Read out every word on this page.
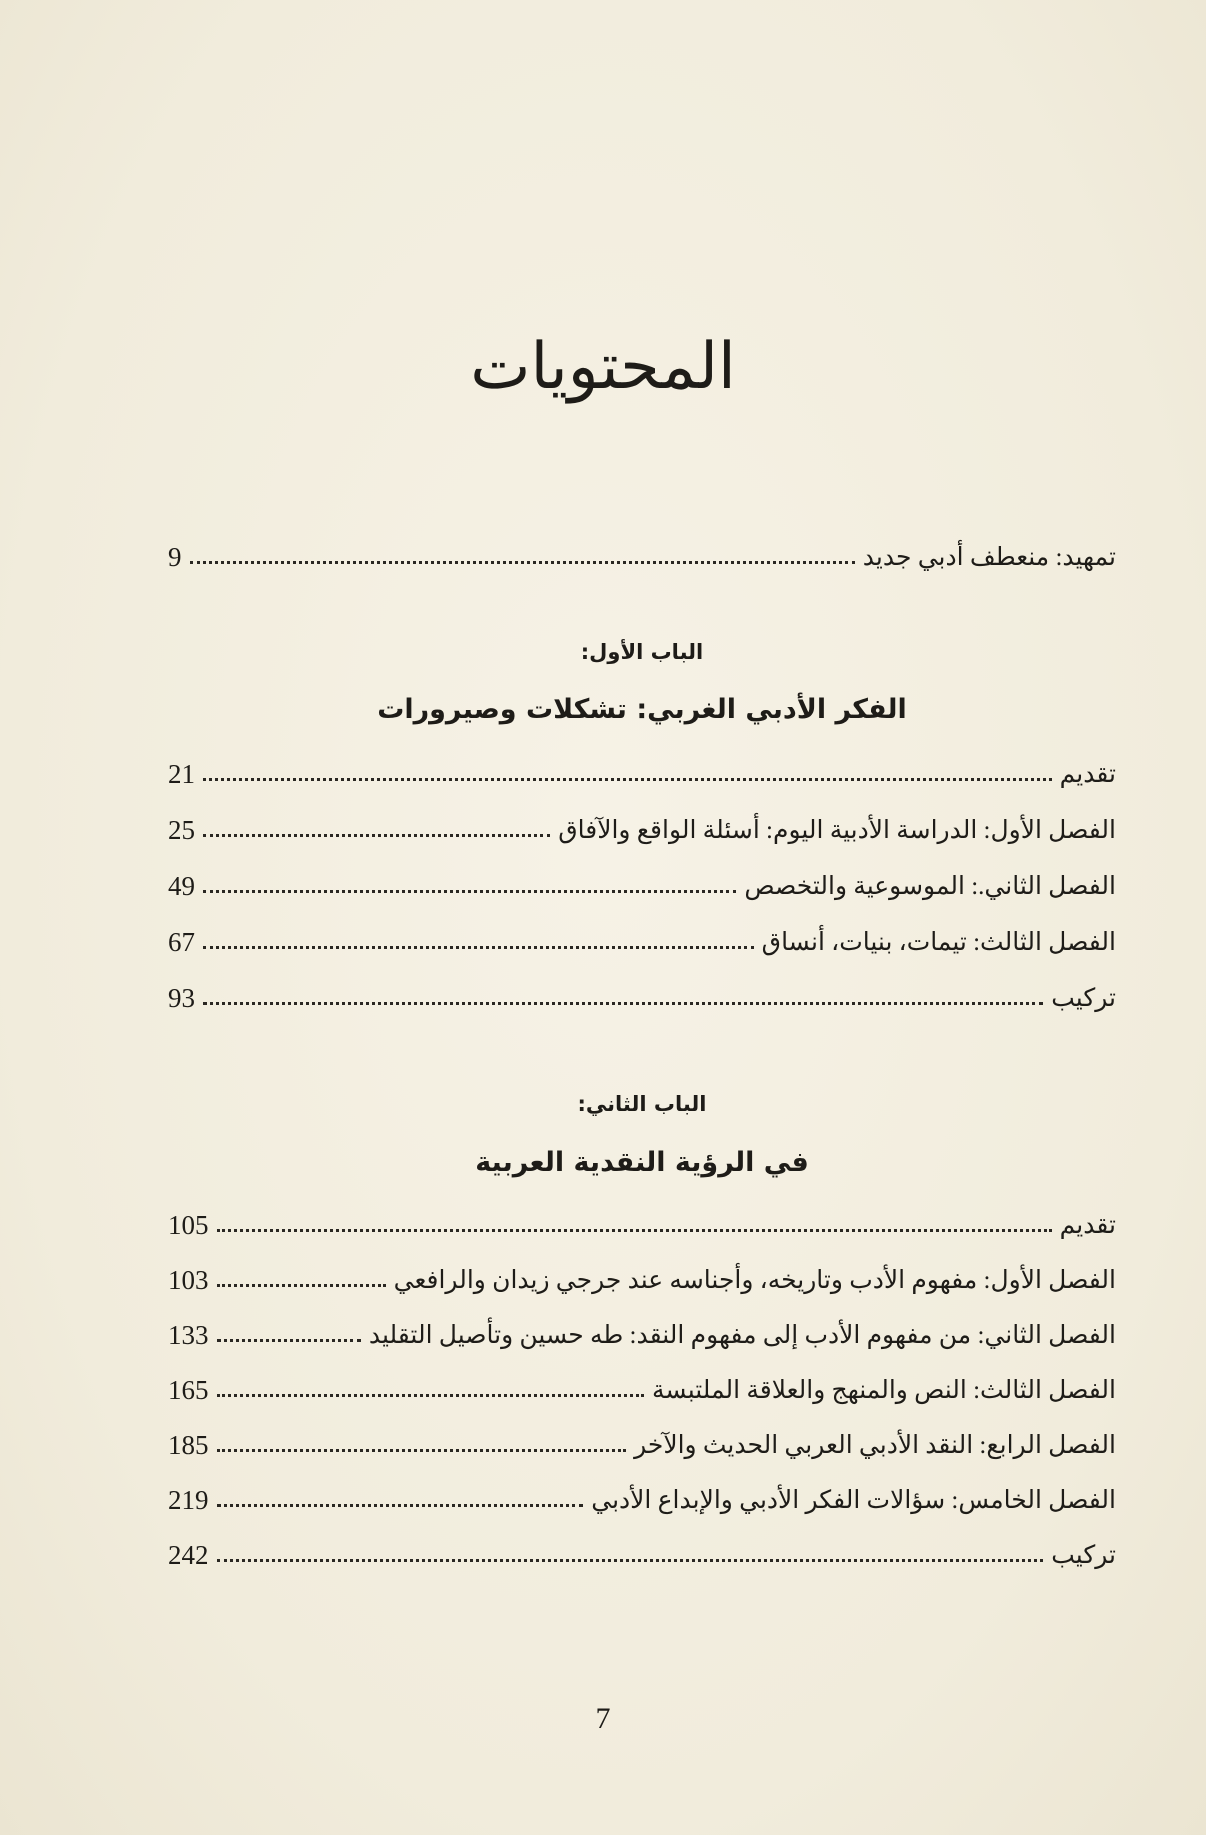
المحتويات
تمهيد: منعطف أدبي جديد
9
الباب الأول:
الفكر الأدبي الغربي: تشكلات وصيرورات
تقديم
21
الفصل الأول: الدراسة الأدبية اليوم: أسئلة الواقع والآفاق
25
الفصل الثاني.: الموسوعية والتخصص
49
الفصل الثالث: تيمات، بنيات، أنساق
67
تركيب
93
الباب الثاني:
في الرؤية النقدية العربية
تقديم
105
الفصل الأول: مفهوم الأدب وتاريخه، وأجناسه عند جرجي زيدان والرافعي
103
الفصل الثاني: من مفهوم الأدب إلى مفهوم النقد: طه حسين وتأصيل التقليد
133
الفصل الثالث: النص والمنهج والعلاقة الملتبسة
165
الفصل الرابع: النقد الأدبي العربي الحديث والآخر
185
الفصل الخامس: سؤالات الفكر الأدبي والإبداع الأدبي
219
تركيب
242
7
